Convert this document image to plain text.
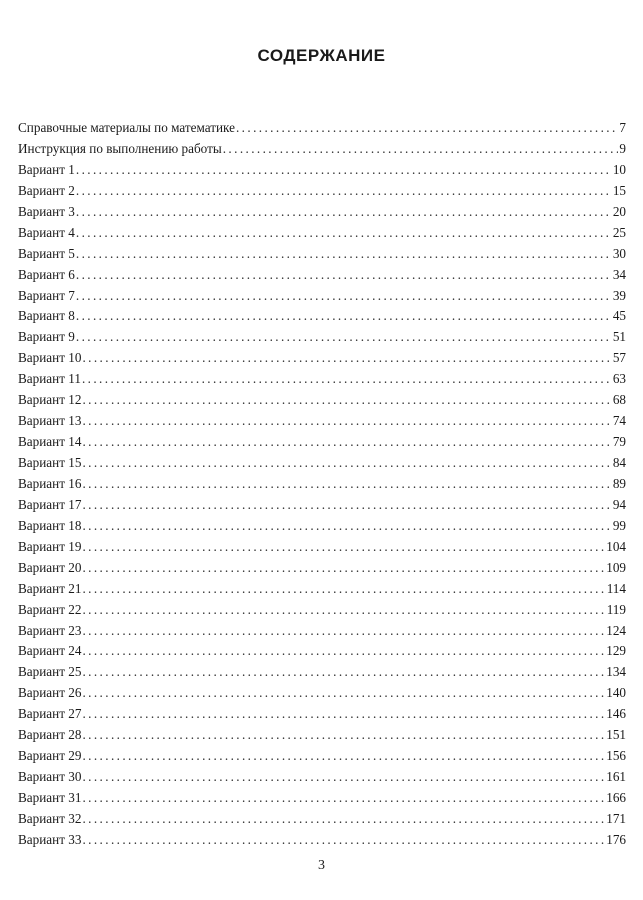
СОДЕРЖАНИЕ
Справочные материалы по математике .....	7
Инструкция по выполнению работы .....	9
Вариант 1 .....	10
Вариант 2 .....	15
Вариант 3 .....	20
Вариант 4 .....	25
Вариант 5 .....	30
Вариант 6 .....	34
Вариант 7 .....	39
Вариант 8 .....	45
Вариант 9 .....	51
Вариант 10 .....	57
Вариант 11 .....	63
Вариант 12 .....	68
Вариант 13 .....	74
Вариант 14 .....	79
Вариант 15 .....	84
Вариант 16 .....	89
Вариант 17 .....	94
Вариант 18 .....	99
Вариант 19 .....	104
Вариант 20 .....	109
Вариант 21 .....	114
Вариант 22 .....	119
Вариант 23 .....	124
Вариант 24 .....	129
Вариант 25 .....	134
Вариант 26 .....	140
Вариант 27 .....	146
Вариант 28 .....	151
Вариант 29 .....	156
Вариант 30 .....	161
Вариант 31 .....	166
Вариант 32 .....	171
Вариант 33 .....	176
3
